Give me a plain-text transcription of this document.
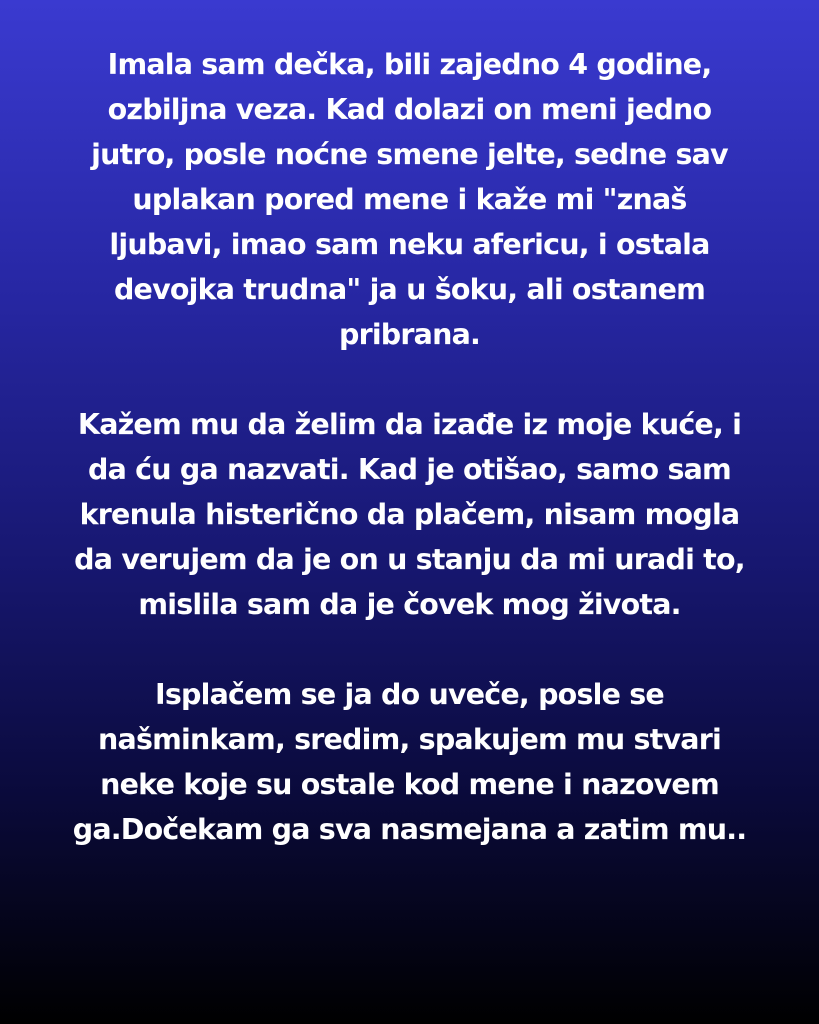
Imala sam dečka, bili zajedno 4 godine,
ozbiljna veza. Kad dolazi on meni jedno
jutro, posle noćne smene jelte, sedne sav
uplakan pored mene i kaže mi "znaš
ljubavi, imao sam neku afericu, i ostala
devojka trudna" ja u šoku, ali ostanem
pribrana.

Kažem mu da želim da izađe iz moje kuće, i
da ću ga nazvati. Kad je otišao, samo sam
krenula histerično da plačem, nisam mogla
da verujem da je on u stanju da mi uradi to,
mislila sam da je čovek mog života.

Isplačem se ja do uveče, posle se
našminkam, sredim, spakujem mu stvari
neke koje su ostale kod mene i nazovem
ga.Dočekam ga sva nasmejana a zatim mu..
